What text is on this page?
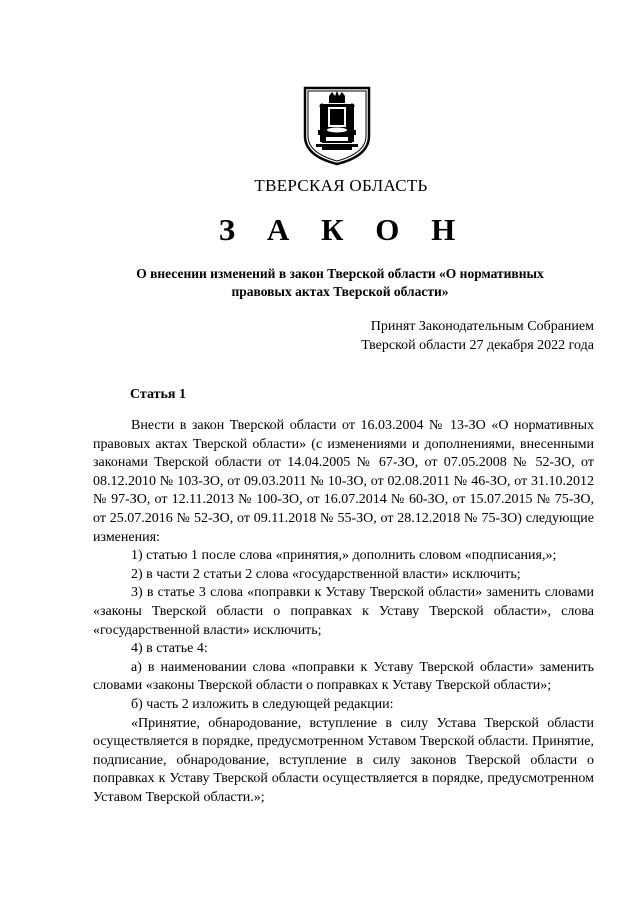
ТВЕРСКАЯ ОБЛАСТЬ
З А К О Н
О внесении изменений в закон Тверской области «О нормативных
правовых актах Тверской области»
Принят Законодательным Собранием
Тверской области 27 декабря 2022 года
Статья 1

Внести в закон Тверской области от 16.03.2004 № 13-ЗО «О нормативных правовых актах Тверской области» (с изменениями и дополнениями, внесенными законами Тверской области от 14.04.2005 № 67-ЗО, от 07.05.2008 № 52-ЗО, от 08.12.2010 № 103-ЗО, от 09.03.2011 № 10-ЗО, от 02.08.2011 № 46-ЗО, от 31.10.2012 № 97-ЗО, от 12.11.2013 № 100-ЗО, от 16.07.2014 № 60-ЗО, от 15.07.2015 № 75-ЗО, от 25.07.2016 № 52-ЗО, от 09.11.2018 № 55-ЗО, от 28.12.2018 № 75-ЗО) следующие изменения:

1) статью 1 после слова «принятия,» дополнить словом «подписания,»;

2) в части 2 статьи 2 слова «государственной власти» исключить;

3) в статье 3 слова «поправки к Уставу Тверской области» заменить словами «законы Тверской области о поправках к Уставу Тверской области», слова «государственной власти» исключить;

4) в статье 4:

а) в наименовании слова «поправки к Уставу Тверской области» заменить словами «законы Тверской области о поправках к Уставу Тверской области»;

б) часть 2 изложить в следующей редакции:

«Принятие, обнародование, вступление в силу Устава Тверской области осуществляется в порядке, предусмотренном Уставом Тверской области. Принятие, подписание, обнародование, вступление в силу законов Тверской области о поправках к Уставу Тверской области осуществляется в порядке, предусмотренном Уставом Тверской области.»;
